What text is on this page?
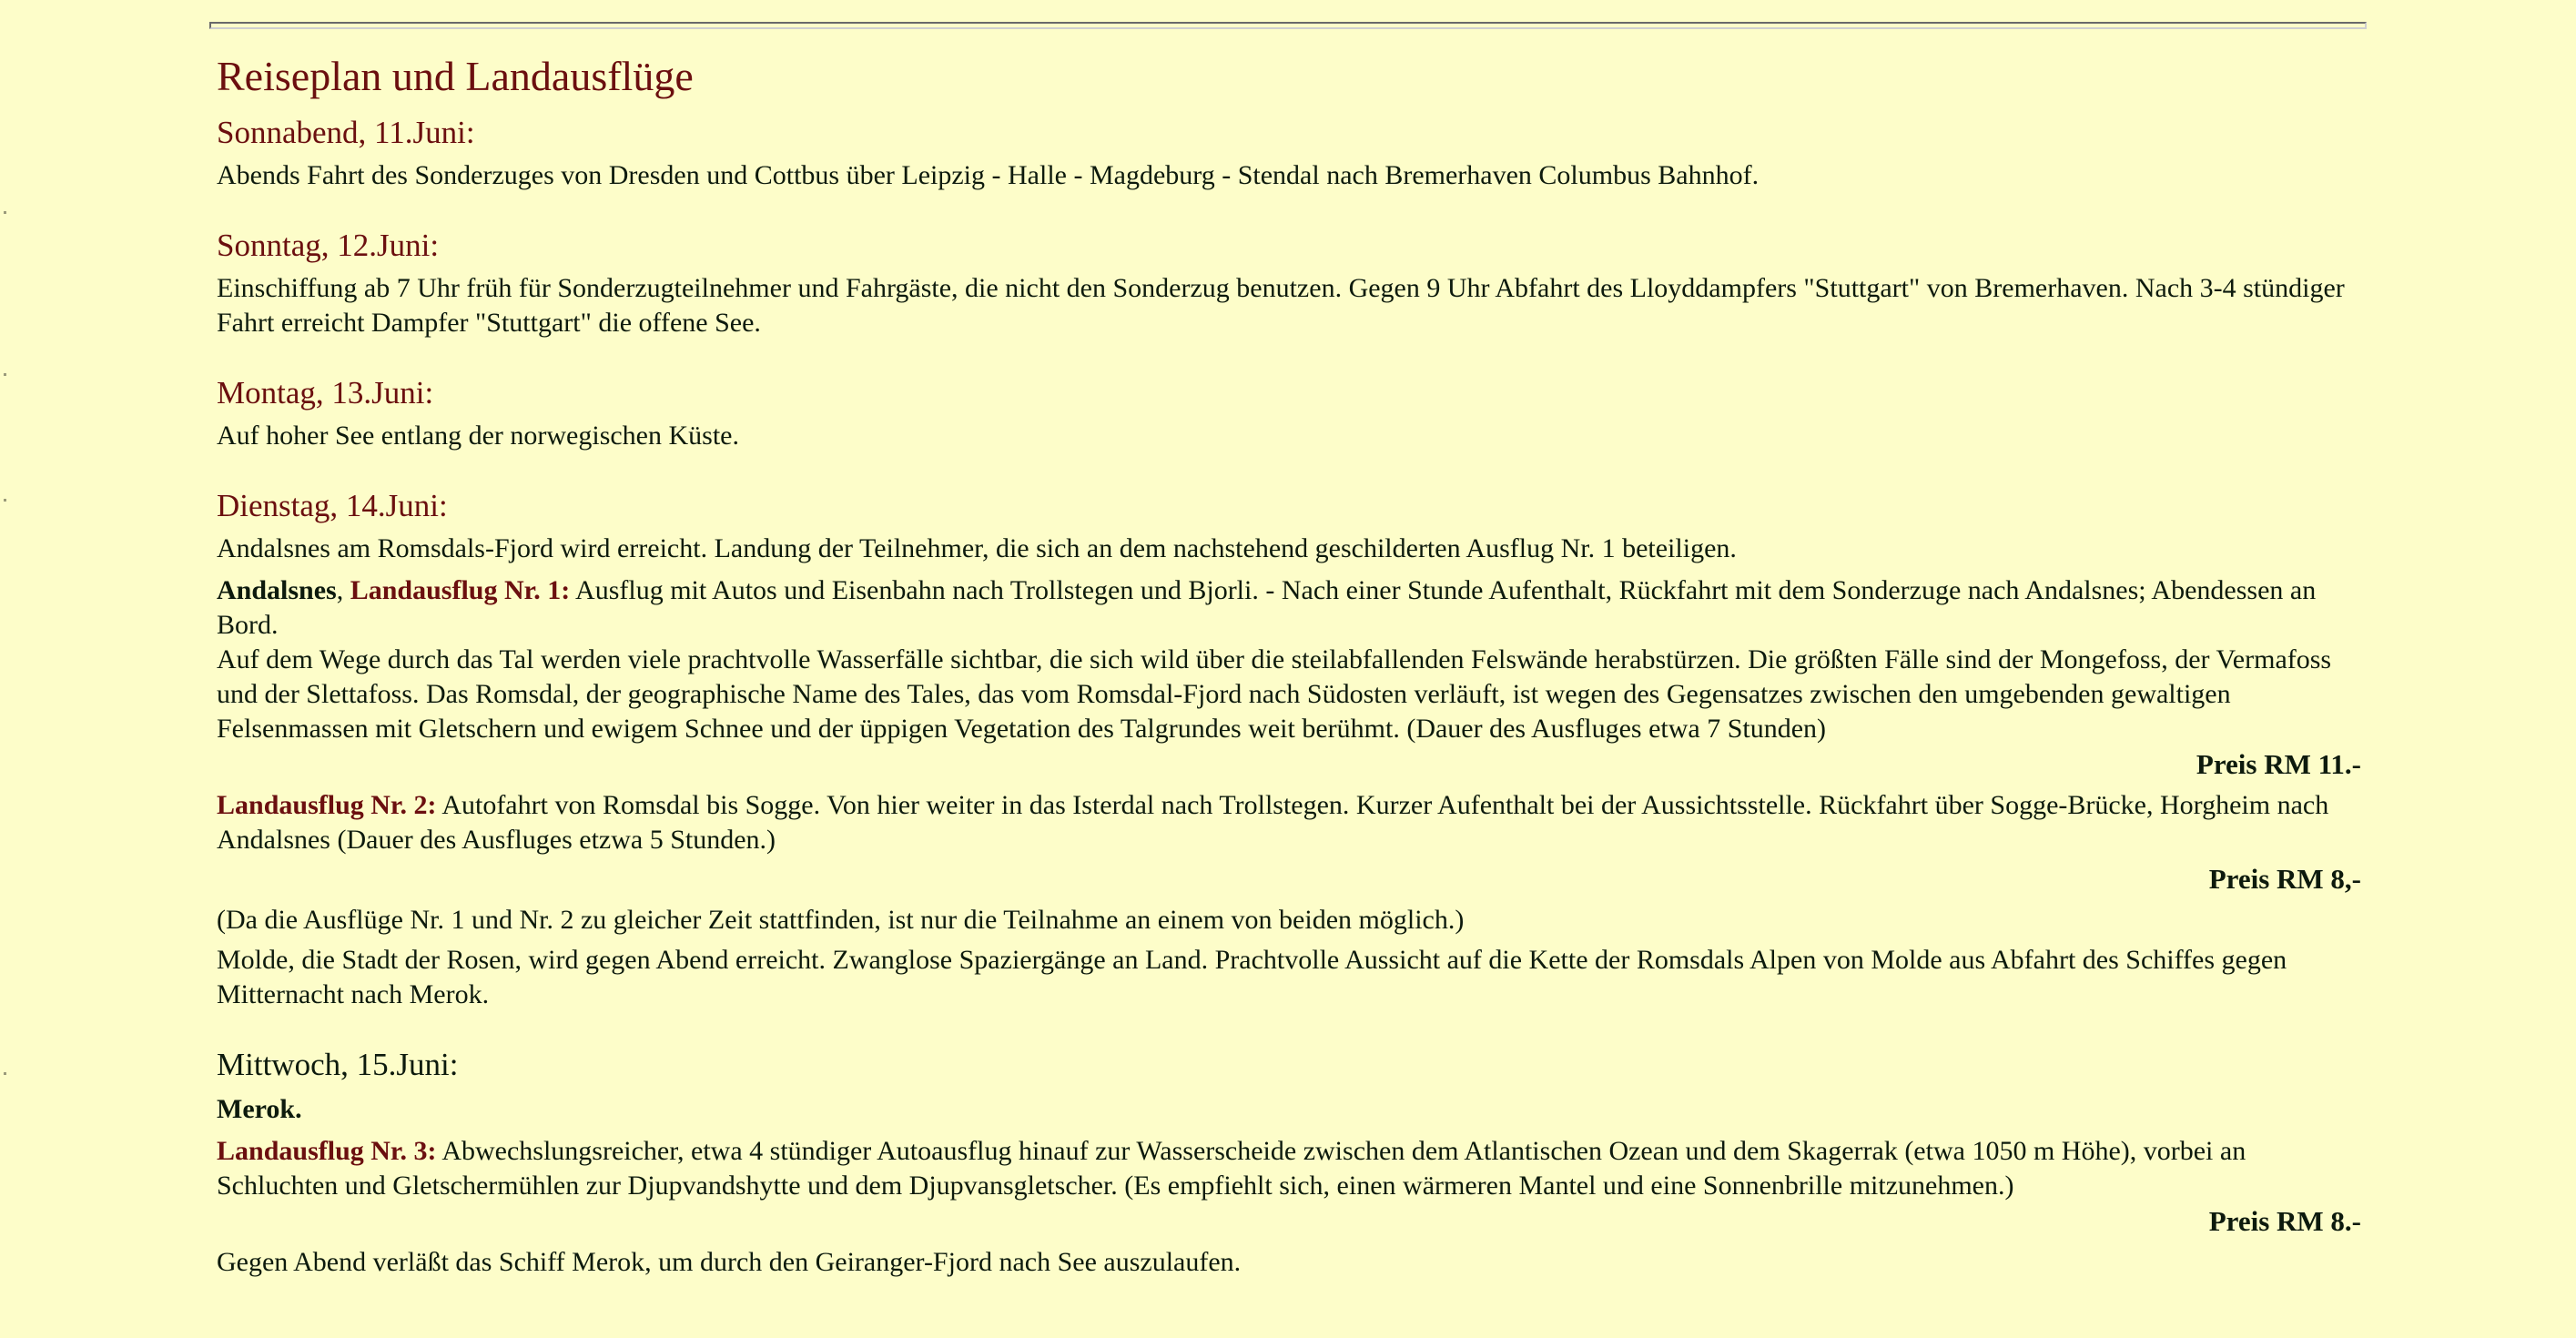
Reiseplan und Landausflüge
Sonnabend, 11.Juni:

Abends Fahrt des Sonderzuges von Dresden und Cottbus über Leipzig - Halle - Magdeburg - Stendal nach Bremerhaven Columbus Bahnhof.

Sonntag, 12.Juni:

Einschiffung ab 7 Uhr früh für Sonderzugteilnehmer und Fahrgäste, die nicht den Sonderzug benutzen. Gegen 9 Uhr Abfahrt des Lloyddampfers "Stuttgart" von Bremerhaven. Nach 3-4 stündiger Fahrt erreicht Dampfer "Stuttgart" die offene See.

Montag, 13.Juni:

Auf hoher See entlang der norwegischen Küste.

Dienstag, 14.Juni:

Andalsnes am Romsdals-Fjord wird erreicht. Landung der Teilnehmer, die sich an dem nachstehend geschilderten Ausflug Nr. 1 beteiligen.

Andalsnes, Landausflug Nr. 1: Ausflug mit Autos und Eisenbahn nach Trollstegen und Bjorli. - Nach einer Stunde Aufenthalt, Rückfahrt mit dem Sonderzuge nach Andalsnes; Abendessen an Bord.

Auf dem Wege durch das Tal werden viele prachtvolle Wasserfälle sichtbar, die sich wild über die steilabfallenden Felswände herabstürzen. Die größten Fälle sind der Mongefoss, der Vermafoss und der Slettafoss. Das Romsdal, der geographische Name des Tales, das vom Romsdal-Fjord nach Südosten verläuft, ist wegen des Gegensatzes zwischen den umgebenden gewaltigen Felsenmassen mit Gletschern und ewigem Schnee und der üppigen Vegetation des Talgrundes weit berühmt. (Dauer des Ausfluges etwa 7 Stunden)

Preis RM 11.-

Landausflug Nr. 2: Autofahrt von Romsdal bis Sogge. Von hier weiter in das Isterdal nach Trollstegen. Kurzer Aufenthalt bei der Aussichtsstelle. Rückfahrt über Sogge-Brücke, Horgheim nach Andalsnes (Dauer des Ausfluges etzwa 5 Stunden.)

Preis RM 8,-

(Da die Ausflüge Nr. 1 und Nr. 2 zu gleicher Zeit stattfinden, ist nur die Teilnahme an einem von beiden möglich.)

Molde, die Stadt der Rosen, wird gegen Abend erreicht. Zwanglose Spaziergänge an Land. Prachtvolle Aussicht auf die Kette der Romsdals Alpen von Molde aus Abfahrt des Schiffes gegen Mitternacht nach Merok.

Mittwoch, 15.Juni:

Merok.

Landausflug Nr. 3: Abwechslungsreicher, etwa 4 stündiger Autoausflug hinauf zur Wasserscheide zwischen dem Atlantischen Ozean und dem Skagerrak (etwa 1050 m Höhe), vorbei an Schluchten und Gletschermühlen zur Djupvandshytte und dem Djupvansgletscher. (Es empfiehlt sich, einen wärmeren Mantel und eine Sonnenbrille mitzunehmen.)

Preis RM 8.-

Gegen Abend verläßt das Schiff Merok, um durch den Geiranger-Fjord nach See auszulaufen.
